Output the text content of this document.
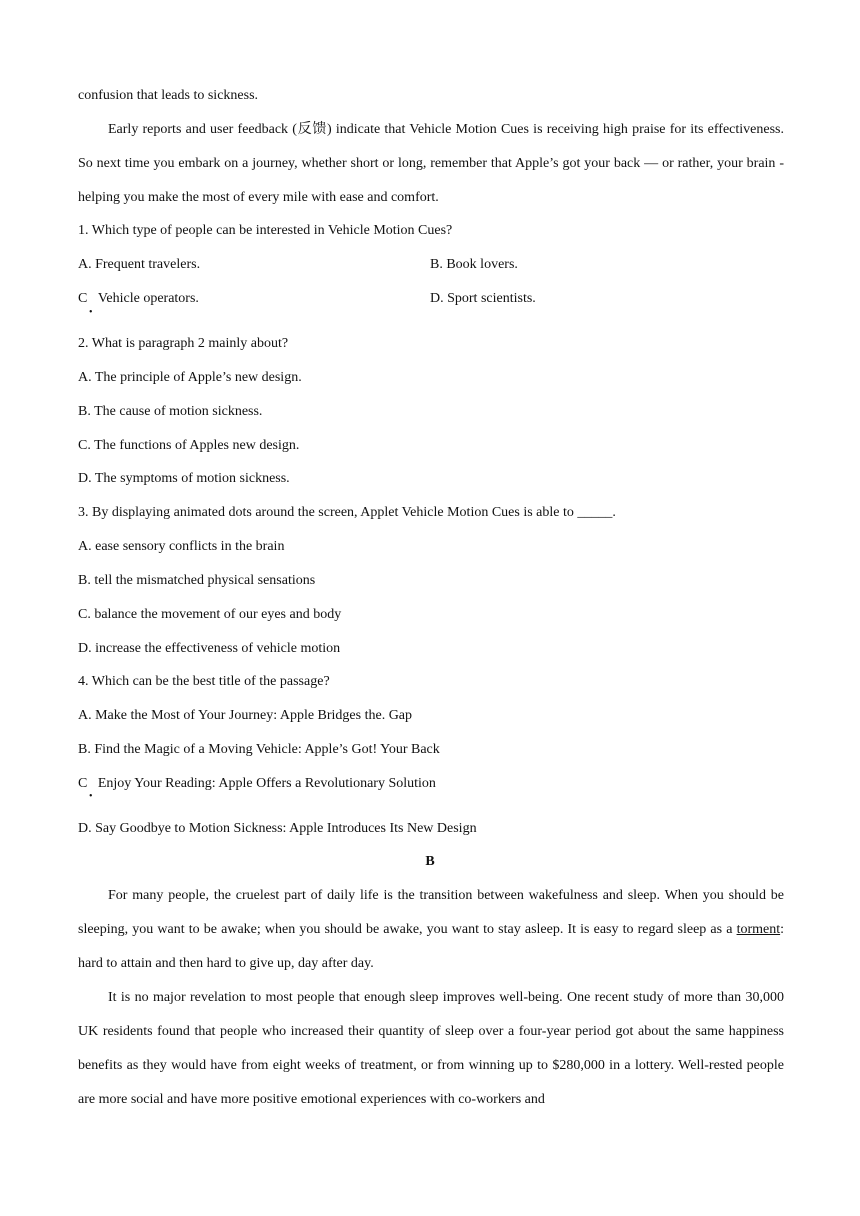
confusion that leads to sickness.
Early reports and user feedback (反馈) indicate that Vehicle Motion Cues is receiving high praise for its effectiveness. So next time you embark on a journey, whether short or long, remember that Apple’s got your back — or rather, your brain - helping you make the most of every mile with ease and comfort.
1. Which type of people can be interested in Vehicle Motion Cues?
A. Frequent travelers.	B. Book lovers.
C Vehicle operators.
•
D. Sport scientists.
2. What is paragraph 2 mainly about?
A. The principle of Apple’s new design.
B. The cause of motion sickness.
C. The functions of Apples new design.
D. The symptoms of motion sickness.
3. By displaying animated dots around the screen, Applet Vehicle Motion Cues is able to _____.
A. ease sensory conflicts in the brain
B. tell the mismatched physical sensations
C. balance the movement of our eyes and body
D. increase the effectiveness of vehicle motion
4. Which can be the best title of the passage?
A. Make the Most of Your Journey: Apple Bridges the. Gap
B. Find the Magic of a Moving Vehicle: Apple’s Got! Your Back
C Enjoy Your Reading: Apple Offers a Revolutionary Solution
•
D. Say Goodbye to Motion Sickness: Apple Introduces Its New Design
B
For many people, the cruelest part of daily life is the transition between wakefulness and sleep. When you should be sleeping, you want to be awake; when you should be awake, you want to stay asleep. It is easy to regard sleep as a torment: hard to attain and then hard to give up, day after day.
It is no major revelation to most people that enough sleep improves well-being. One recent study of more than 30,000 UK residents found that people who increased their quantity of sleep over a four-year period got about the same happiness benefits as they would have from eight weeks of treatment, or from winning up to $280,000 in a lottery. Well-rested people are more social and have more positive emotional experiences with co-workers and
